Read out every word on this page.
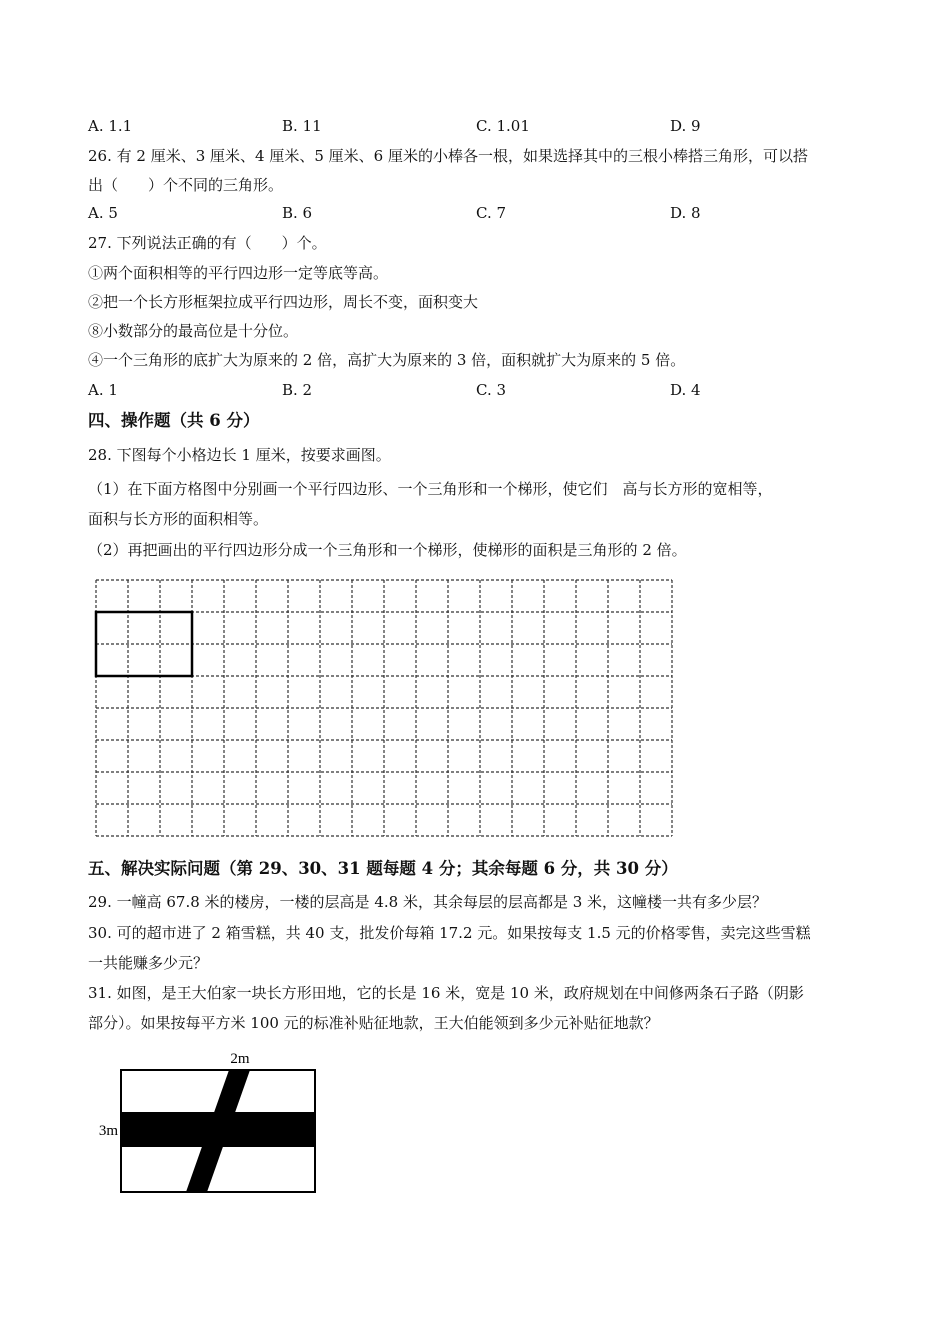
A. 1.1	B. 11	C. 1.01	D. 9
26. 有 2 厘米、3 厘米、4 厘米、5 厘米、6 厘米的小棒各一根，如果选择其中的三根小棒搭三角形，可以搭
出（　　）个不同的三角形。
A. 5	B. 6	C. 7	D. 8
27. 下列说法正确的有（　　）个。
①两个面积相等的平行四边形一定等底等高。
②把一个长方形框架拉成平行四边形，周长不变，面积变大
⑧小数部分的最高位是十分位。
④一个三角形的底扩大为原来的 2 倍，高扩大为原来的 3 倍，面积就扩大为原来的 5 倍。
A. 1	B. 2	C. 3	D. 4
四、操作题（共 6 分）
28. 下图每个小格边长 1 厘米，按要求画图。
（1）在下面方格图中分别画一个平行四边形、一个三角形和一个梯形，使它们　高与长方形的宽相等，
面积与长方形的面积相等。
（2）再把画出的平行四边形分成一个三角形和一个梯形，使梯形的面积是三角形的 2 倍。
五、解决实际问题（第 29、30、31 题每题 4 分；其余每题 6 分，共 30 分）
29. 一幢高 67.8 米的楼房，一楼的层高是 4.8 米，其余每层的层高都是 3 米，这幢楼一共有多少层？
30. 可的超市进了 2 箱雪糕，共 40 支，批发价每箱 17.2 元。如果按每支 1.5 元的价格零售，卖完这些雪糕
一共能赚多少元？
31. 如图，是王大伯家一块长方形田地，它的长是 16 米，宽是 10 米，政府规划在中间修两条石子路（阴影
部分）。如果按每平方米 100 元的标准补贴征地款，王大伯能领到多少元补贴征地款？
2m
3m
